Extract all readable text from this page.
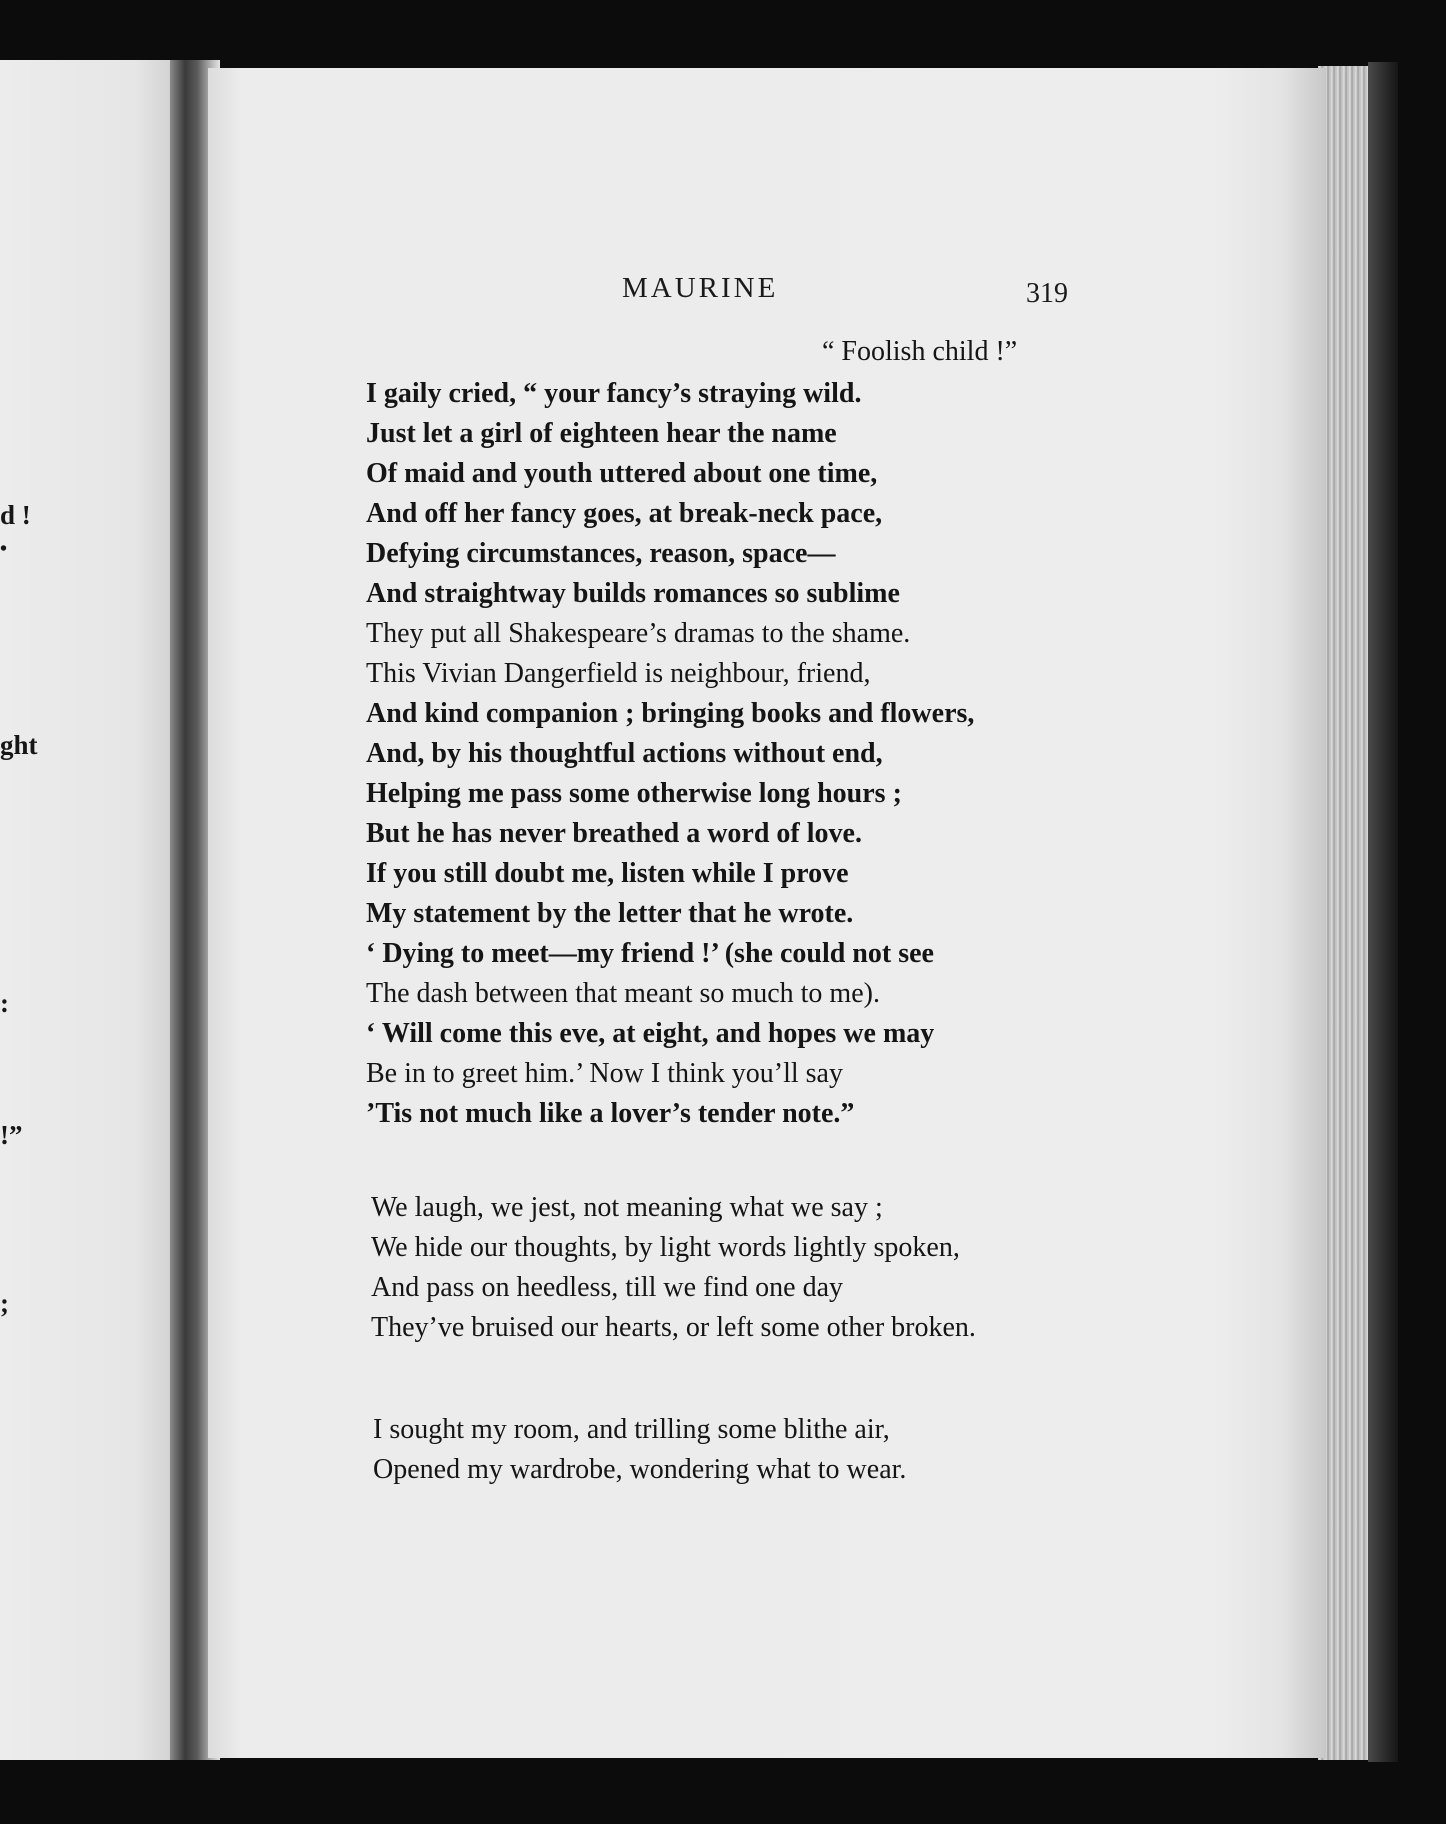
d !
•
ght
:
!”
;
MAURINE	319
“ Foolish child !”
I gaily cried, “ your fancy’s straying wild.
Just let a girl of eighteen hear the name
Of maid and youth uttered about one time,
And off her fancy goes, at break-neck pace,
Defying circumstances, reason, space—
And straightway builds romances so sublime
They put all Shakespeare’s dramas to the shame.
This Vivian Dangerfield is neighbour, friend,
And kind companion ; bringing books and flowers,
And, by his thoughtful actions without end,
Helping me pass some otherwise long hours ;
But he has never breathed a word of love.
If you still doubt me, listen while I prove
My statement by the letter that he wrote.
‘ Dying to meet—my friend !’ (she could not see
The dash between that meant so much to me).
‘ Will come this eve, at eight, and hopes we may
Be in to greet him.’ Now I think you’ll say
’Tis not much like a lover’s tender note.”
We laugh, we jest, not meaning what we say ;
We hide our thoughts, by light words lightly spoken,
And pass on heedless, till we find one day
They’ve bruised our hearts, or left some other broken.
I sought my room, and trilling some blithe air,
Opened my wardrobe, wondering what to wear.
